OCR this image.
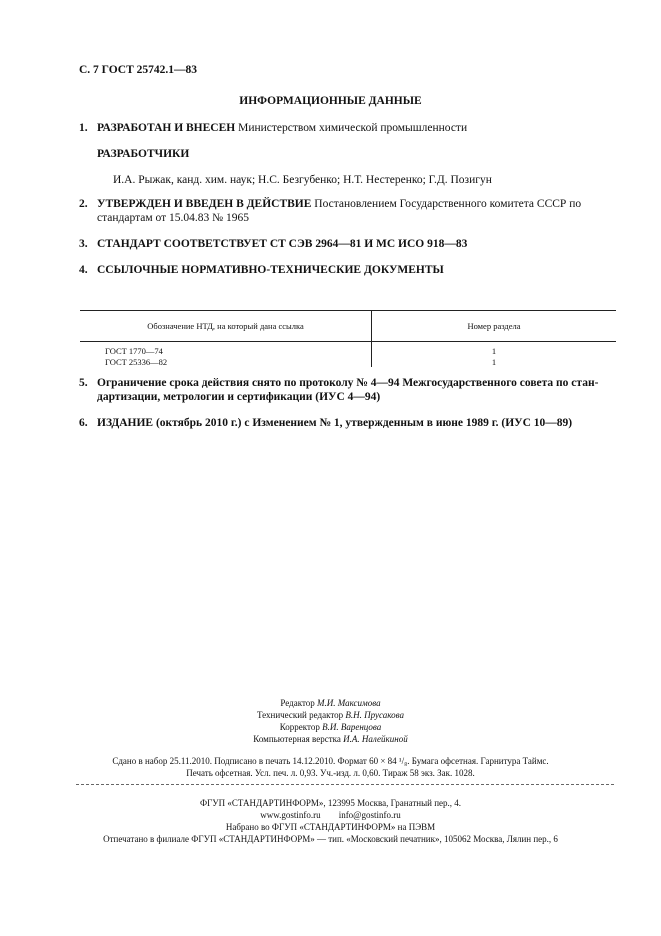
С. 7 ГОСТ 25742.1—83
ИНФОРМАЦИОННЫЕ ДАННЫЕ
1. РАЗРАБОТАН И ВНЕСЕН Министерством химической промышленности
РАЗРАБОТЧИКИ
И.А. Рыжак, канд. хим. наук; Н.С. Безгубенко; Н.Т. Нестеренко; Г.Д. Позигун
2. УТВЕРЖДЕН И ВВЕДЕН В ДЕЙСТВИЕ Постановлением Государственного комитета СССР по
стандартам от 15.04.83 № 1965
3. СТАНДАРТ СООТВЕТСТВУЕТ СТ СЭВ 2964—81 И МС ИСО 918—83
4. ССЫЛОЧНЫЕ НОРМАТИВНО-ТЕХНИЧЕСКИЕ ДОКУМЕНТЫ
Обозначение НТД, на который дана ссылка	Номер раздела
ГОСТ 1770—74	1
ГОСТ 25336—82	1
5. Ограничение срока действия снято по протоколу № 4—94 Межгосударственного совета по стан-
дартизации, метрологии и сертификации (ИУС 4—94)
6. ИЗДАНИЕ (октябрь 2010 г.) с Изменением № 1, утвержденным в июне 1989 г. (ИУС 10—89)
Редактор М.И. Максимова
Технический редактор В.Н. Прусакова
Корректор В.И. Варенцова
Компьютерная верстка И.А. Налейкиной
Сдано в набор 25.11.2010. Подписано в печать 14.12.2010. Формат 60 × 84 ¹/₈. Бумага офсетная. Гарнитура Таймс.
Печать офсетная. Усл. печ. л. 0,93. Уч.-изд. л. 0,60. Тираж 58 экз. Зак. 1028.
ФГУП «СТАНДАРТИНФОРМ», 123995 Москва, Гранатный пер., 4.
www.gostinfo.ru info@gostinfo.ru
Набрано во ФГУП «СТАНДАРТИНФОРМ» на ПЭВМ
Отпечатано в филиале ФГУП «СТАНДАРТИНФОРМ» — тип. «Московский печатник», 105062 Москва, Лялин пер., 6
